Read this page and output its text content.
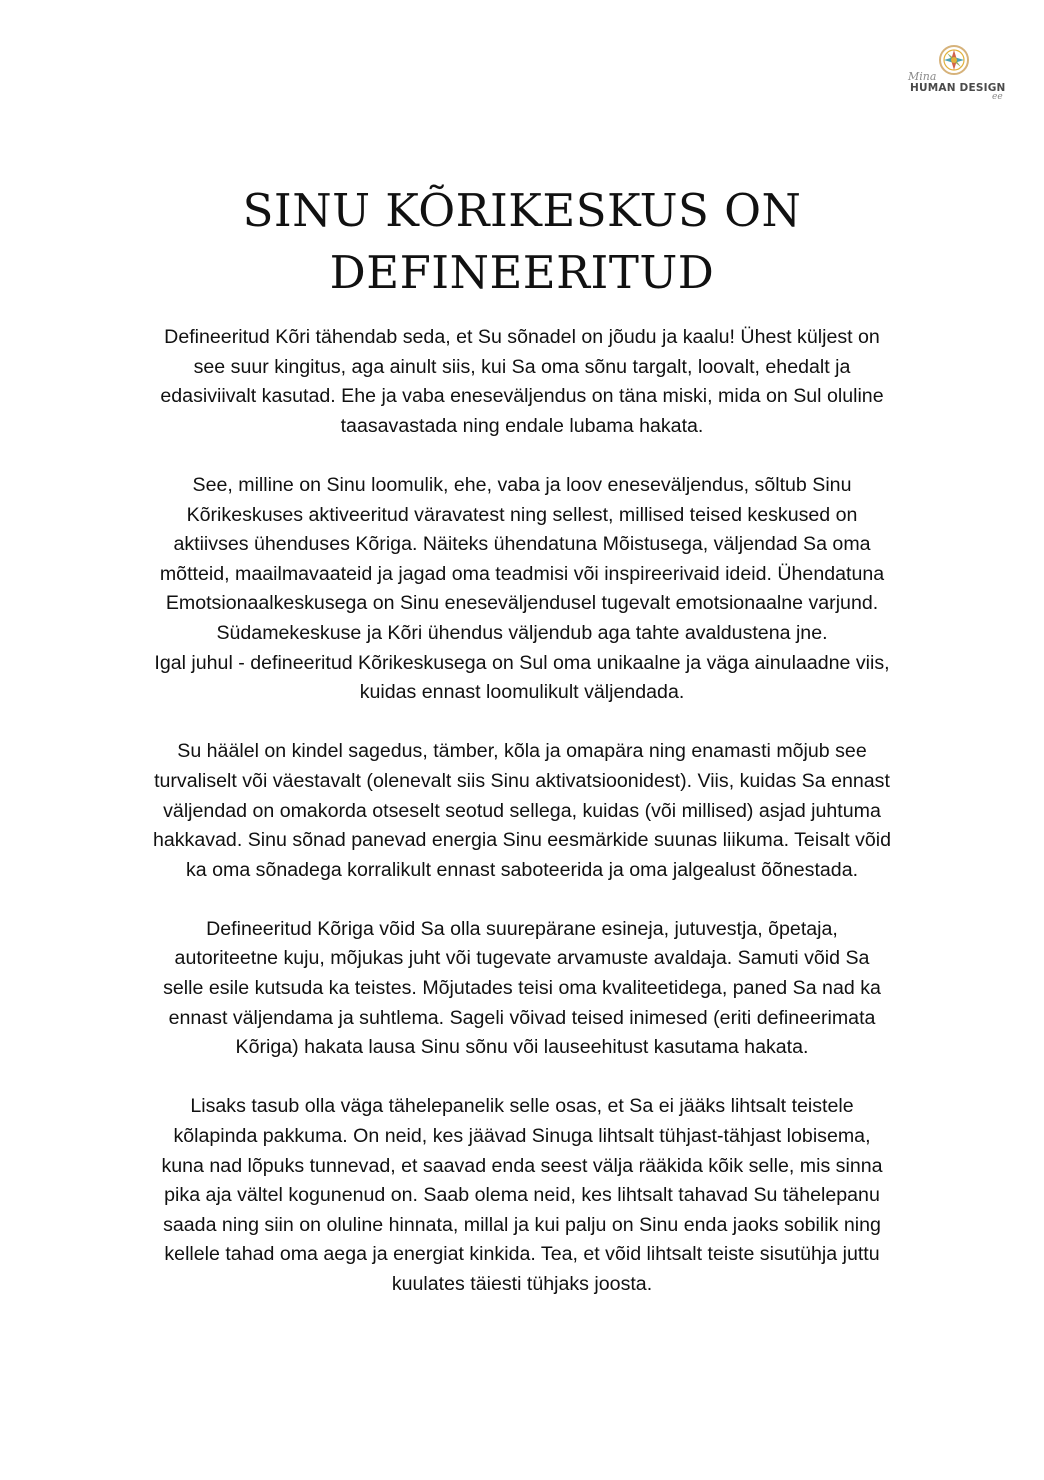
Mina
HUMAN DESIGN
ee
SINU KÕRIKESKUS ON
DEFINEERITUD

Defineeritud Kõri tähendab seda, et Su sõnadel on jõudu ja kaalu! Ühest küljest on
see suur kingitus, aga ainult siis, kui Sa oma sõnu targalt, loovalt, ehedalt ja
edasiviivalt kasutad. Ehe ja vaba eneseväljendus on täna miski, mida on Sul oluline
taasavastada ning endale lubama hakata.

See, milline on Sinu loomulik, ehe, vaba ja loov eneseväljendus, sõltub Sinu
Kõrikeskuses aktiveeritud väravatest ning sellest, millised teised keskused on
aktiivses ühenduses Kõriga. Näiteks ühendatuna Mõistusega, väljendad Sa oma
mõtteid, maailmavaateid ja jagad oma teadmisi või inspireerivaid ideid. Ühendatuna
Emotsionaalkeskusega on Sinu eneseväljendusel tugevalt emotsionaalne varjund.
Südamekeskuse ja Kõri ühendus väljendub aga tahte avaldustena jne.
Igal juhul - defineeritud Kõrikeskusega on Sul oma unikaalne ja väga ainulaadne viis,
kuidas ennast loomulikult väljendada.

Su häälel on kindel sagedus, tämber, kõla ja omapära ning enamasti mõjub see
turvaliselt või väestavalt (olenevalt siis Sinu aktivatsioonidest). Viis, kuidas Sa ennast
väljendad on omakorda otseselt seotud sellega, kuidas (või millised) asjad juhtuma
hakkavad. Sinu sõnad panevad energia Sinu eesmärkide suunas liikuma. Teisalt võid
ka oma sõnadega korralikult ennast saboteerida ja oma jalgealust õõnestada.

Defineeritud Kõriga võid Sa olla suurepärane esineja, jutuvestja, õpetaja,
autoriteetne kuju, mõjukas juht või tugevate arvamuste avaldaja. Samuti võid Sa
selle esile kutsuda ka teistes. Mõjutades teisi oma kvaliteetidega, paned Sa nad ka
ennast väljendama ja suhtlema. Sageli võivad teised inimesed (eriti defineerimata
Kõriga) hakata lausa Sinu sõnu või lauseehitust kasutama hakata.

Lisaks tasub olla väga tähelepanelik selle osas, et Sa ei jääks lihtsalt teistele
kõlapinda pakkuma. On neid, kes jäävad Sinuga lihtsalt tühjast-tähjast lobisema,
kuna nad lõpuks tunnevad, et saavad enda seest välja rääkida kõik selle, mis sinna
pika aja vältel kogunenud on. Saab olema neid, kes lihtsalt tahavad Su tähelepanu
saada ning siin on oluline hinnata, millal ja kui palju on Sinu enda jaoks sobilik ning
kellele tahad oma aega ja energiat kinkida. Tea, et võid lihtsalt teiste sisutühja juttu
kuulates täiesti tühjaks joosta.
